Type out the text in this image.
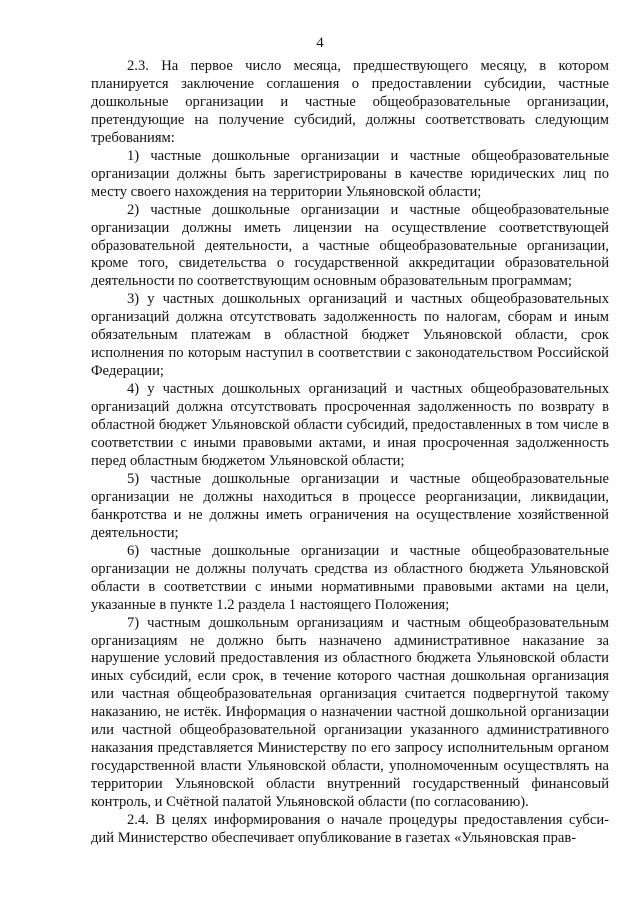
4

2.3. На первое число месяца, предшествующего месяцу, в котором планируется заключение соглашения о предоставлении субсидии, частные дошкольные организации и частные общеобразовательные организации, претендующие на получение субсидий, должны соответствовать следующим требованиям:

1) частные дошкольные организации и частные общеобразовательные организации должны быть зарегистрированы в качестве юридических лиц по месту своего нахождения на территории Ульяновской области;

2) частные дошкольные организации и частные общеобразовательные организации должны иметь лицензии на осуществление соответствующей образовательной деятельности, а частные общеобразовательные организации, кроме того, свидетельства о государственной аккредитации образовательной деятельности по соответствующим основным образовательным программам;

3) у частных дошкольных организаций и частных общеобразовательных организаций должна отсутствовать задолженность по налогам, сборам и иным обязательным платежам в областной бюджет Ульяновской области, срок исполнения по которым наступил в соответствии с законодательством Российской Федерации;

4) у частных дошкольных организаций и частных общеобразовательных организаций должна отсутствовать просроченная задолженность по возврату в областной бюджет Ульяновской области субсидий, предоставленных в том числе в соответствии с иными правовыми актами, и иная просроченная задолженность перед областным бюджетом Ульяновской области;

5) частные дошкольные организации и частные общеобразовательные организации не должны находиться в процессе реорганизации, ликвидации, банкротства и не должны иметь ограничения на осуществление хозяйственной деятельности;

6) частные дошкольные организации и частные общеобразовательные организации не должны получать средства из областного бюджета Ульяновской области в соответствии с иными нормативными правовыми актами на цели, указанные в пункте 1.2 раздела 1 настоящего Положения;

7) частным дошкольным организациям и частным общеобразовательным организациям не должно быть назначено административное наказание за нарушение условий предоставления из областного бюджета Ульяновской области иных субсидий, если срок, в течение которого частная дошкольная организация или частная общеобразовательная организация считается подвергнутой такому наказанию, не истёк. Информация о назначении частной дошкольной организации или частной общеобразовательной организации указанного административного наказания представляется Министерству по его запросу исполнительным органом государственной власти Ульяновской области, уполномоченным осуществлять на территории Ульяновской области внутренний государственный финансовый контроль, и Счётной палатой Ульяновской области (по согласованию).

2.4. В целях информирования о начале процедуры предоставления субси- дий Министерство обеспечивает опубликование в газетах «Ульяновская прав-
